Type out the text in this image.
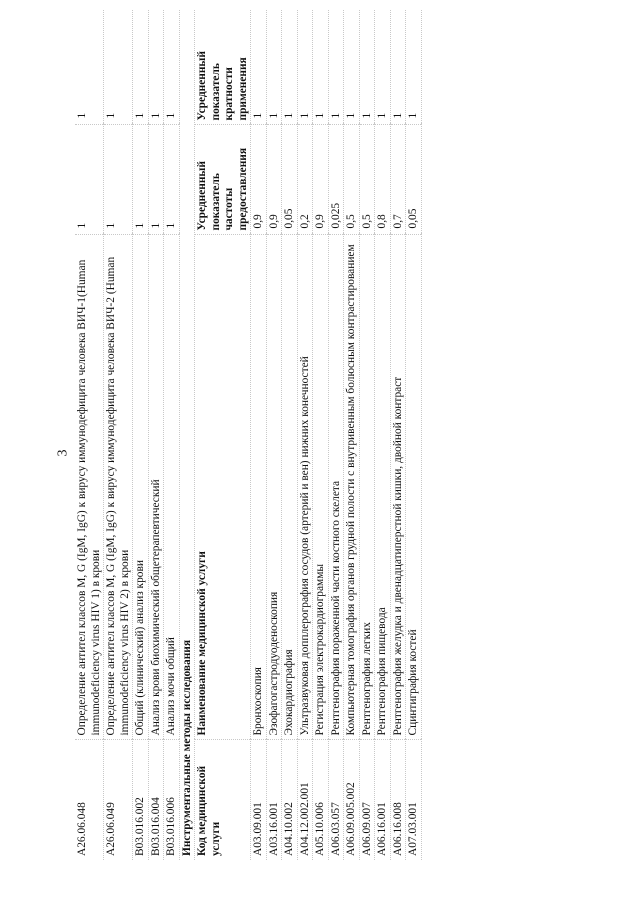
3
A26.06.048	Определение антител классов M, G (IgM, IgG) к вирусу иммунодефицита человека ВИЧ-1(Human immunodeficiency virus HIV 1) в крови	1	1
A26.06.049	Определение антител классов M, G (IgM, IgG) к вирусу иммунодефицита человека ВИЧ-2 (Human immunodeficiency virus HIV 2) в крови	1	1
B03.016.002	Общий (клинический) анализ крови	1	1
B03.016.004	Анализ крови биохимический общетерапевтический	1	1
B03.016.006	Анализ мочи общий	1	1
Инструментальные методы исследования			
Код медицинской услуги	Наименование медицинской услуги	Усредненный показатель частоты предоставления	Усредненный показатель кратности применения
A03.09.001	Бронхоскопия	0,9	1
A03.16.001	Эзофагогастродуоденоскопия	0,9	1
A04.10.002	Эхокардиография	0,05	1
A04.12.002.001	Ультразвуковая допплерография сосудов (артерий и вен) нижних конечностей	0,2	1
A05.10.006	Регистрация электрокардиограммы	0,9	1
A06.03.057	Рентгенография пораженной части костного скелета	0,025	1
A06.09.005.002	Компьютерная томография органов грудной полости с внутривенным болюсным контрастированием	0,5	1
A06.09.007	Рентгенография легких	0,5	1
A06.16.001	Рентгенография пищевода	0,8	1
A06.16.008	Рентгенография желудка и двенадцатиперстной кишки, двойной контраст	0,7	1
A07.03.001	Сцинтиграфия костей	0,05	1
